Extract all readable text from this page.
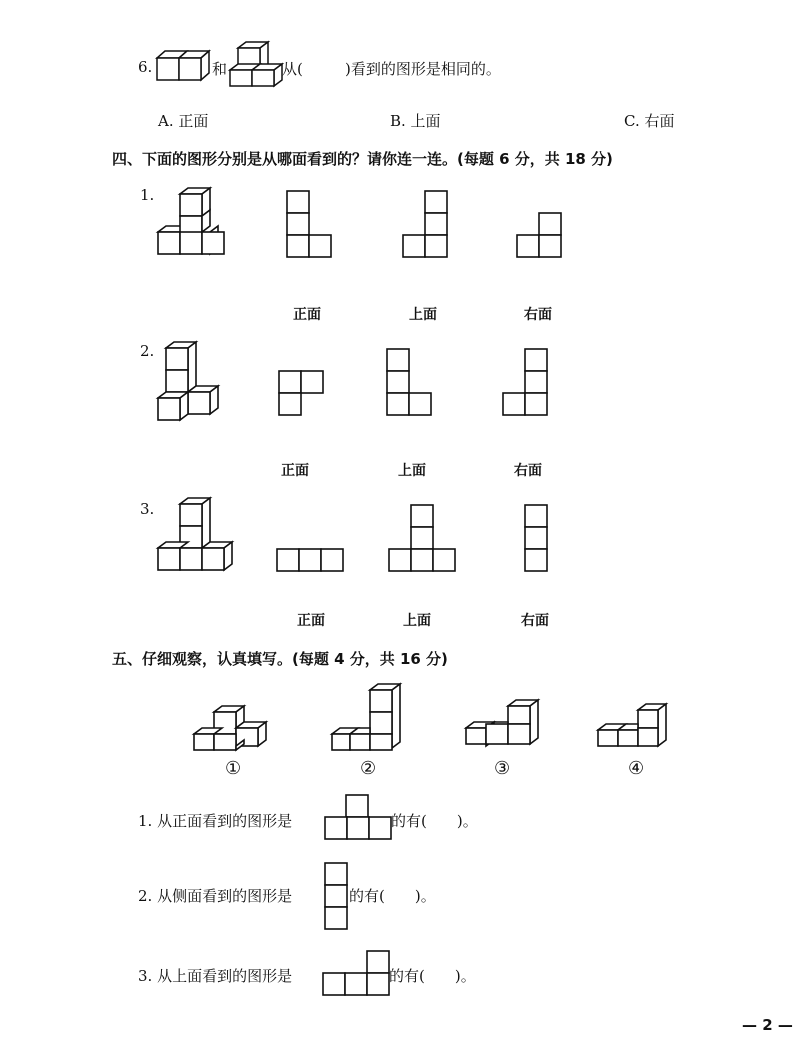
6.	和	从(	)看到的图形是相同的。
A. 正面	B. 上面	C. 右面
四、下面的图形分别是从哪面看到的？请你连一连。(每题 6 分，共 18 分)
1.
正面	上面	右面
2.
正面	上面	右面
3.
正面	上面	右面
五、仔细观察，认真填写。(每题 4 分，共 16 分)
①	②	③	④
1. 从正面看到的图形是	的有(　　)。
2. 从侧面看到的图形是	的有(　　)。
3. 从上面看到的图形是	的有(　　)。
— 2 —
